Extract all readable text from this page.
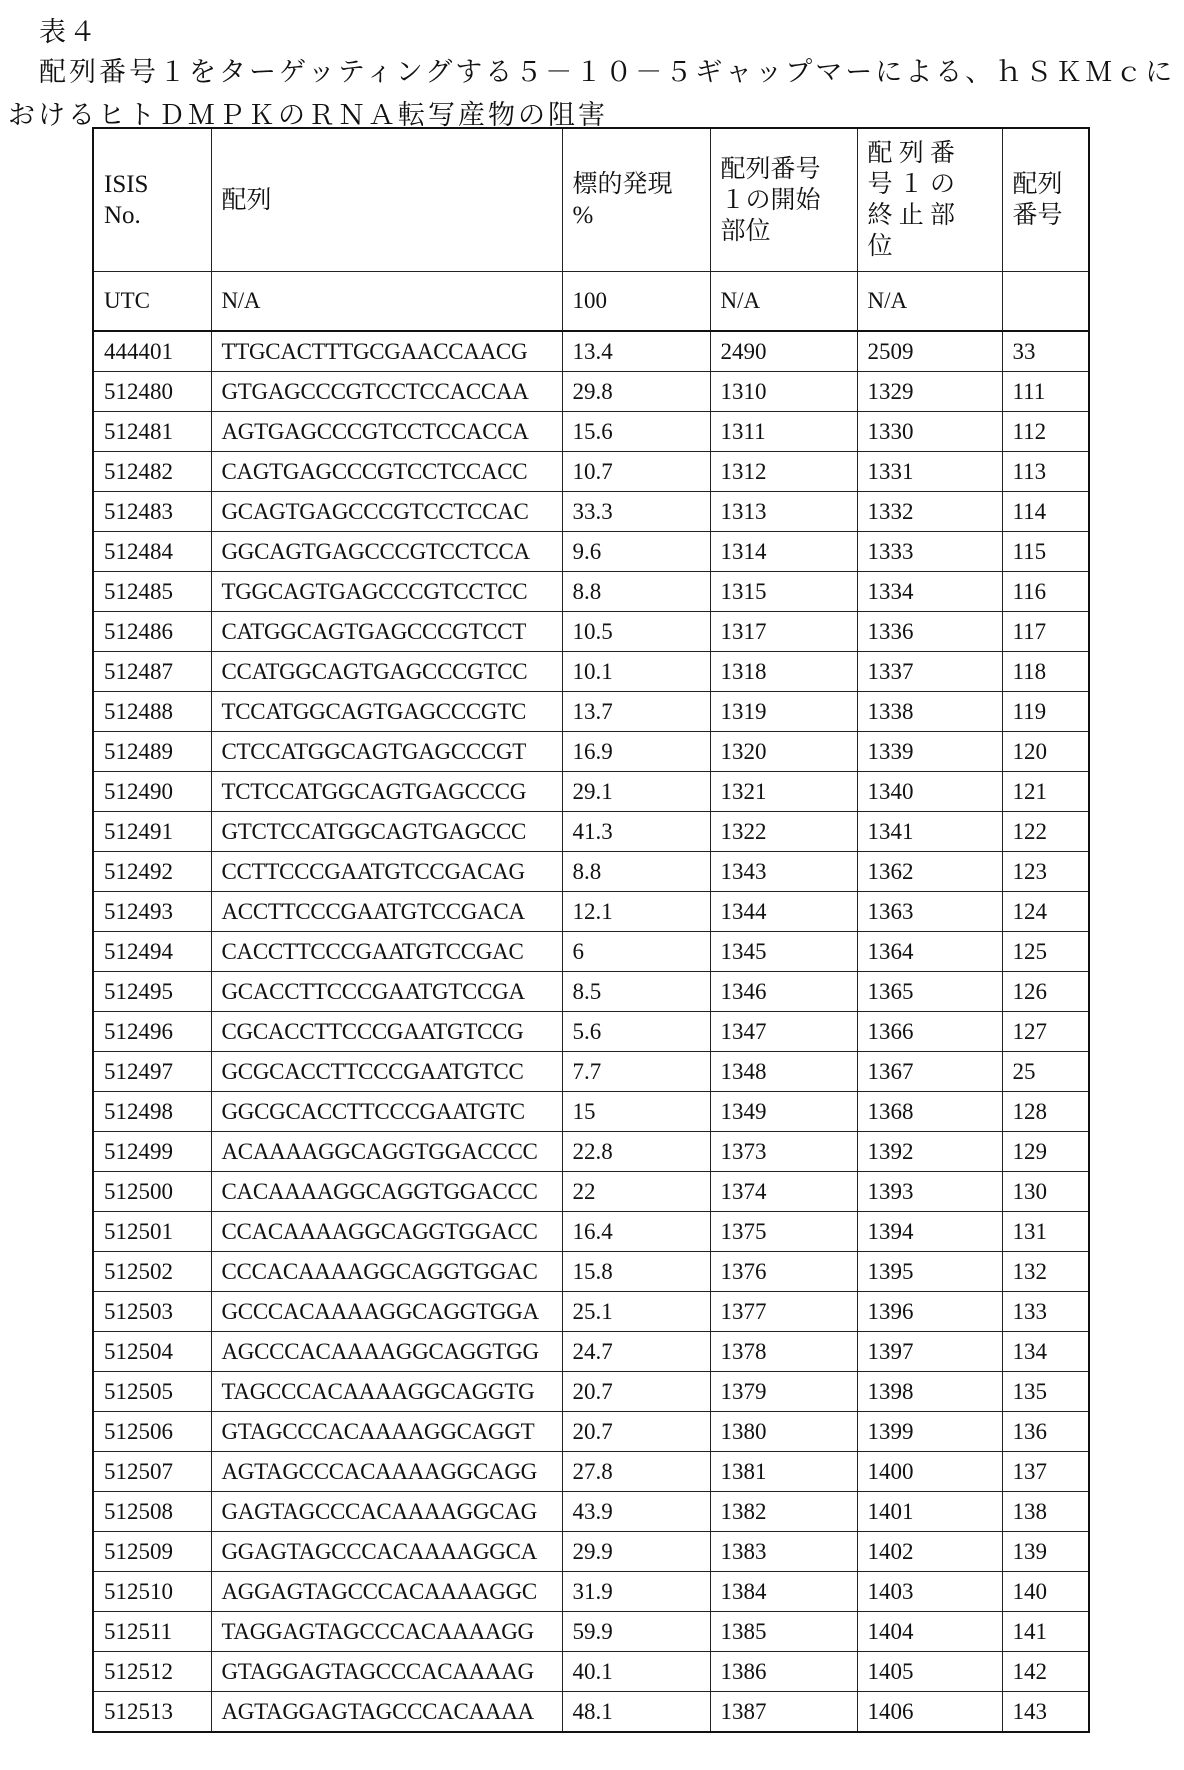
表４
配列番号１をターゲッティングする５－１０－５ギャップマーによる、ｈＳＫＭｃに
おけるヒトＤＭＰＫのＲＮＡ転写産物の阻害
ISIS
No.

配列

標的発現
%

配列番号
１の開始
部位

配 列 番
号 １ の
終 止 部
位

配列
番号

UTC	N/A	100	N/A	N/A	
444401	TTGCACTTTGCGAACCAACG	13.4	2490	2509	33
512480	GTGAGCCCGTCCTCCACCAA	29.8	1310	1329	111
512481	AGTGAGCCCGTCCTCCACCA	15.6	1311	1330	112
512482	CAGTGAGCCCGTCCTCCACC	10.7	1312	1331	113
512483	GCAGTGAGCCCGTCCTCCAC	33.3	1313	1332	114
512484	GGCAGTGAGCCCGTCCTCCA	9.6	1314	1333	115
512485	TGGCAGTGAGCCCGTCCTCC	8.8	1315	1334	116
512486	CATGGCAGTGAGCCCGTCCT	10.5	1317	1336	117
512487	CCATGGCAGTGAGCCCGTCC	10.1	1318	1337	118
512488	TCCATGGCAGTGAGCCCGTC	13.7	1319	1338	119
512489	CTCCATGGCAGTGAGCCCGT	16.9	1320	1339	120
512490	TCTCCATGGCAGTGAGCCCG	29.1	1321	1340	121
512491	GTCTCCATGGCAGTGAGCCC	41.3	1322	1341	122
512492	CCTTCCCGAATGTCCGACAG	8.8	1343	1362	123
512493	ACCTTCCCGAATGTCCGACA	12.1	1344	1363	124
512494	CACCTTCCCGAATGTCCGAC	6	1345	1364	125
512495	GCACCTTCCCGAATGTCCGA	8.5	1346	1365	126
512496	CGCACCTTCCCGAATGTCCG	5.6	1347	1366	127
512497	GCGCACCTTCCCGAATGTCC	7.7	1348	1367	25
512498	GGCGCACCTTCCCGAATGTC	15	1349	1368	128
512499	ACAAAAGGCAGGTGGACCCC	22.8	1373	1392	129
512500	CACAAAAGGCAGGTGGACCC	22	1374	1393	130
512501	CCACAAAAGGCAGGTGGACC	16.4	1375	1394	131
512502	CCCACAAAAGGCAGGTGGAC	15.8	1376	1395	132
512503	GCCCACAAAAGGCAGGTGGA	25.1	1377	1396	133
512504	AGCCCACAAAAGGCAGGTGG	24.7	1378	1397	134
512505	TAGCCCACAAAAGGCAGGTG	20.7	1379	1398	135
512506	GTAGCCCACAAAAGGCAGGT	20.7	1380	1399	136
512507	AGTAGCCCACAAAAGGCAGG	27.8	1381	1400	137
512508	GAGTAGCCCACAAAAGGCAG	43.9	1382	1401	138
512509	GGAGTAGCCCACAAAAGGCA	29.9	1383	1402	139
512510	AGGAGTAGCCCACAAAAGGC	31.9	1384	1403	140
512511	TAGGAGTAGCCCACAAAAGG	59.9	1385	1404	141
512512	GTAGGAGTAGCCCACAAAAG	40.1	1386	1405	142
512513	AGTAGGAGTAGCCCACAAAA	48.1	1387	1406	143
